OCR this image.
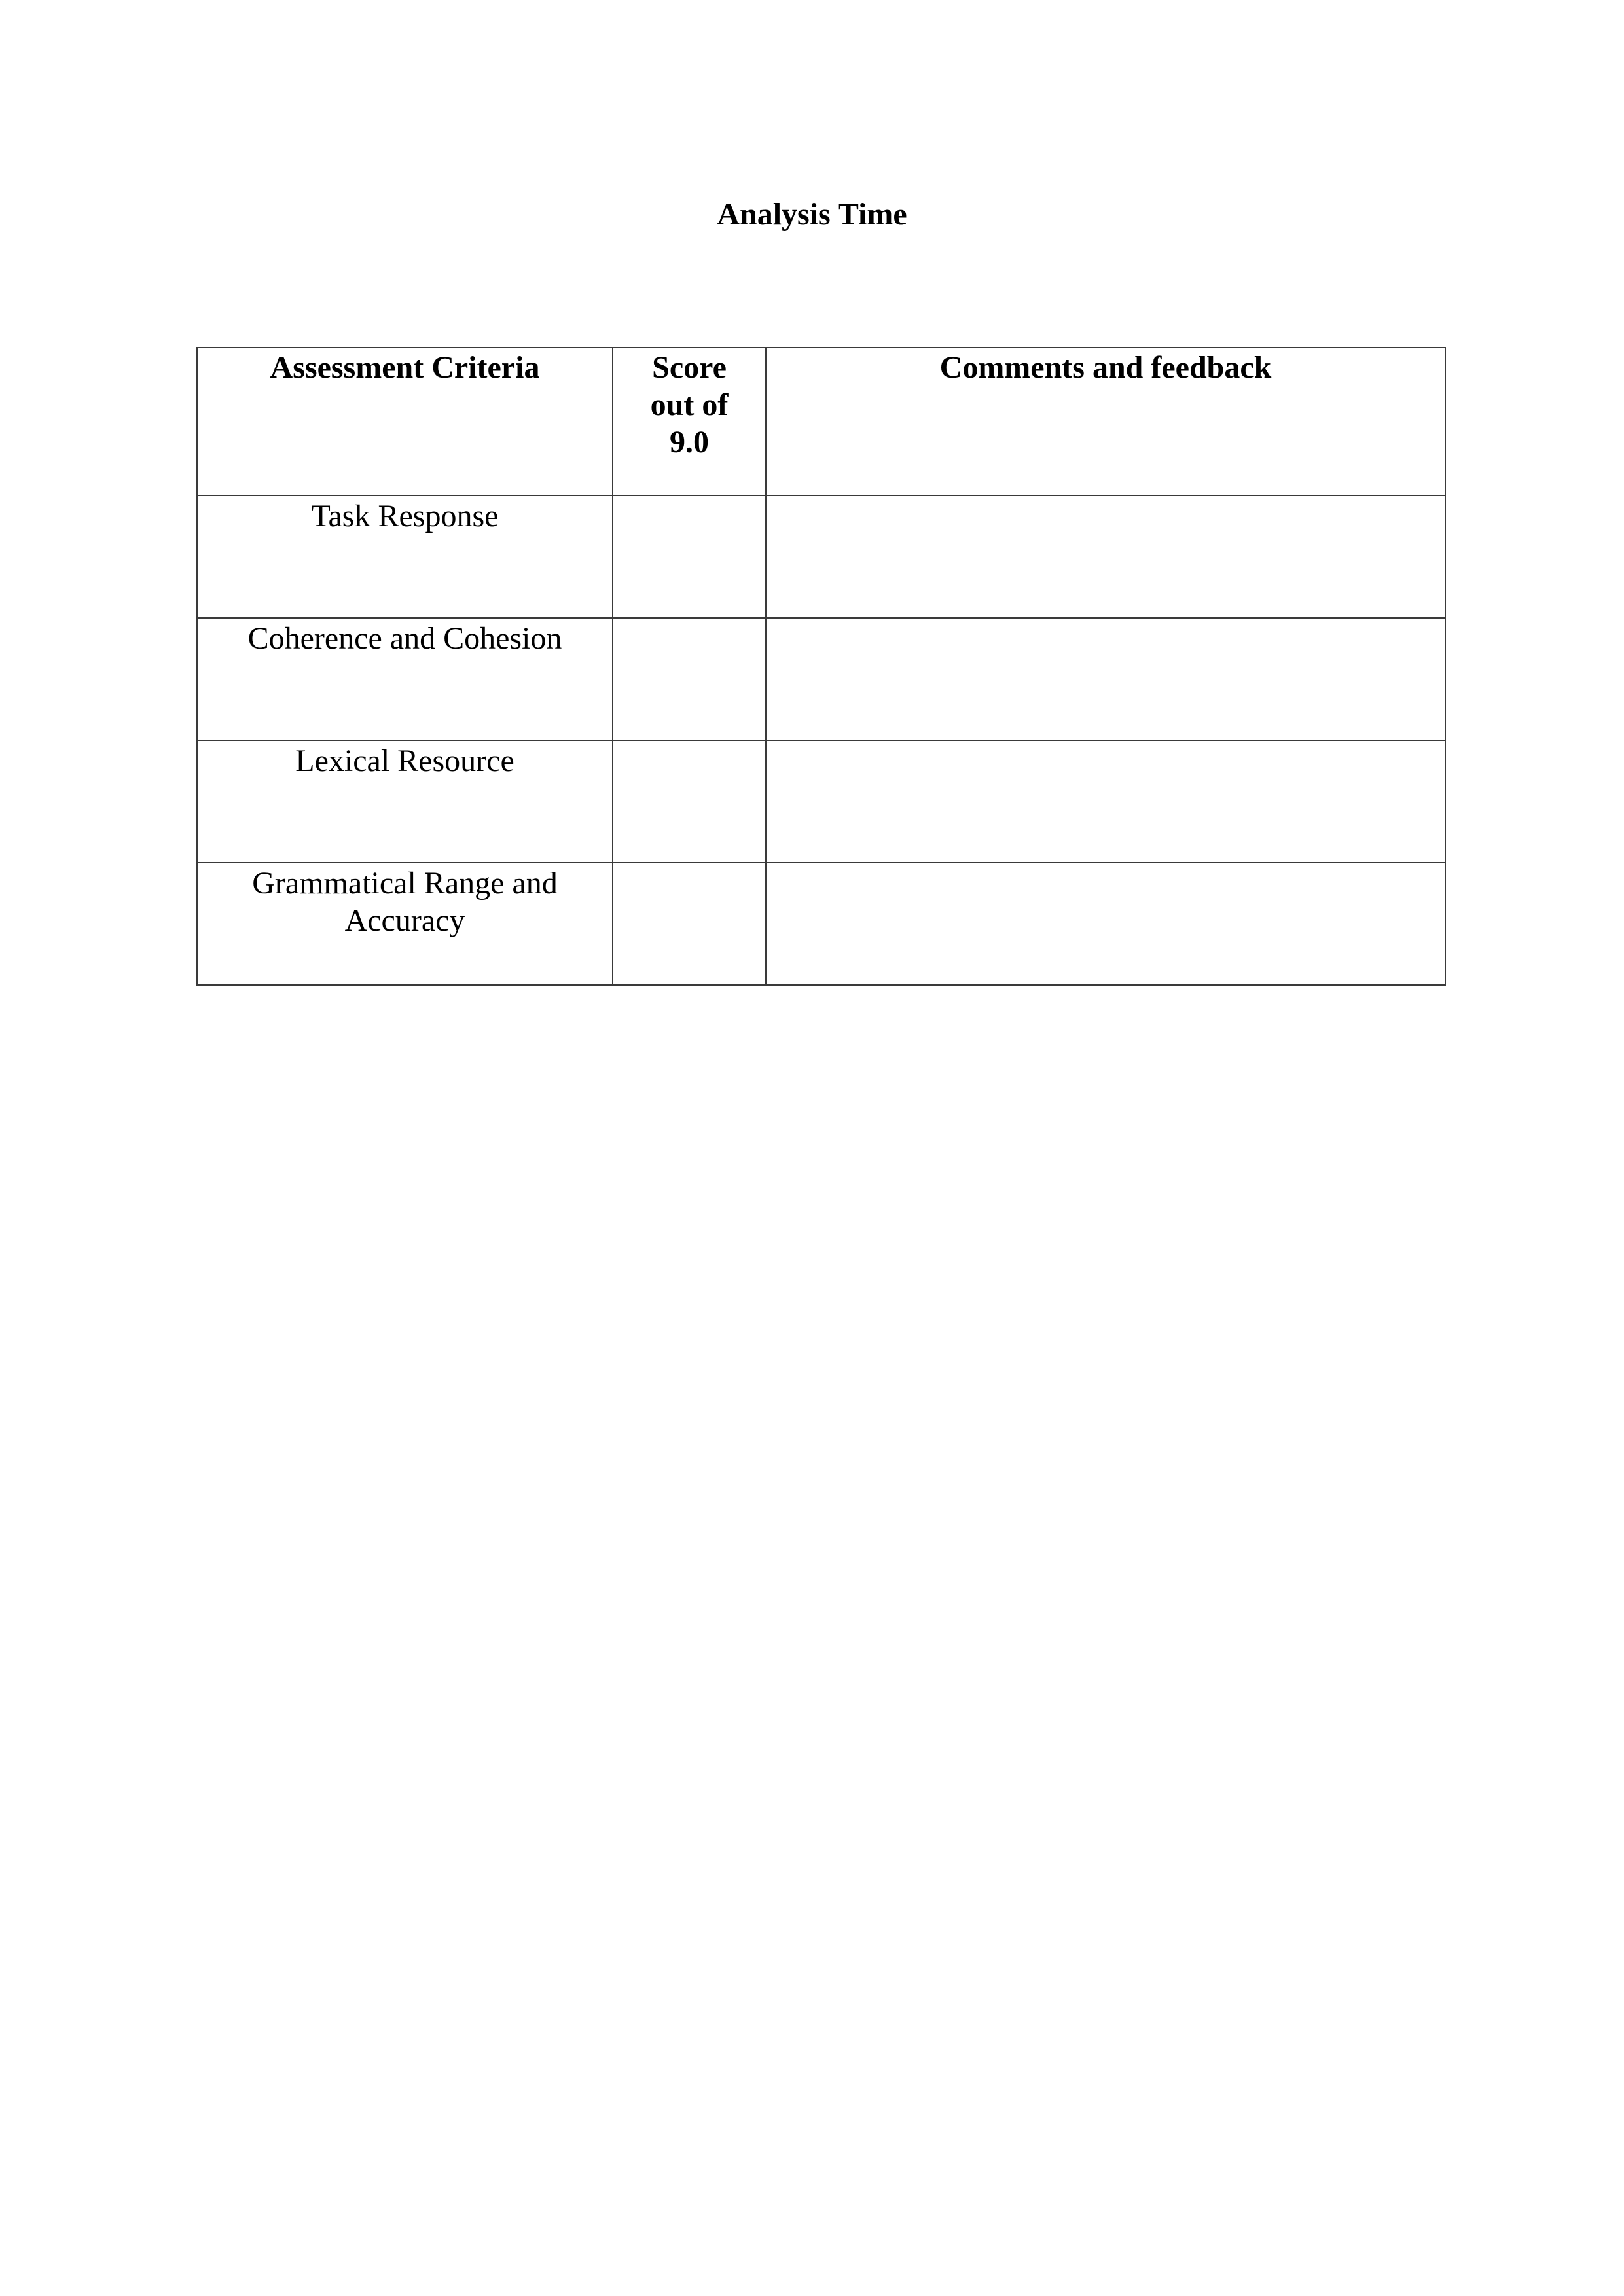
Analysis Time
Assessment Criteria	Score out of 9.0	Comments and feedback
Task Response		
Coherence and Cohesion		
Lexical Resource		
Grammatical Range and Accuracy		
